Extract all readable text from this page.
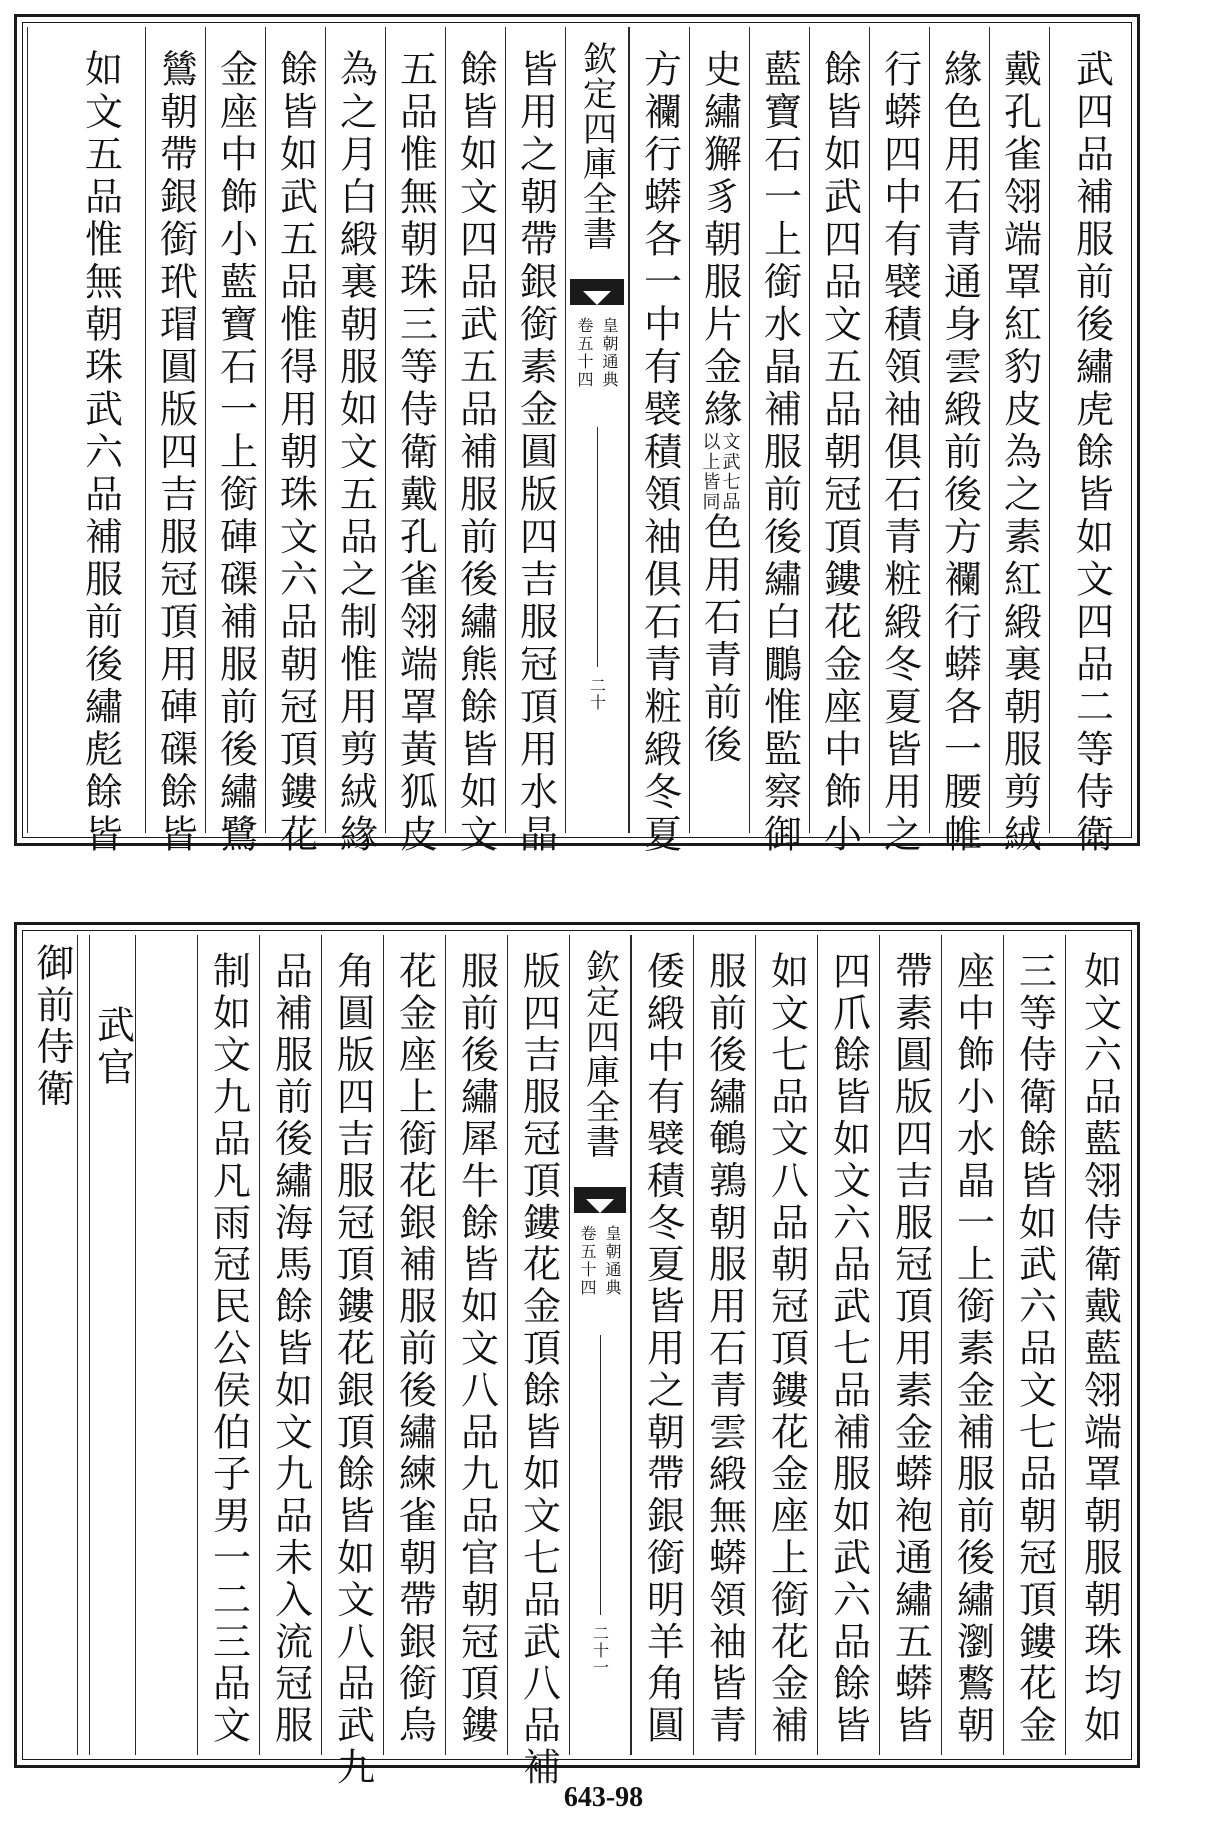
武四品補服前後繡虎餘皆如文四品二等侍衛
戴孔雀翎端罩紅豹皮為之素紅緞裏朝服剪絨
緣色用石青通身雲緞前後方襴行蟒各一腰帷
行蟒四中有襞積領袖俱石青粧緞冬夏皆用之
餘皆如武四品文五品朝冠頂鏤花金座中飾小
藍寶石一上銜水晶補服前後繡白鷳惟監察御
史繡獬豸朝服片金緣
文武七品
以上皆同
色用石青前後
方襴行蟒各一中有襞積領袖俱石青粧緞冬夏
欽定四庫全書
皇朝通典
卷五十四
二十
皆用之朝帶銀銜素金圓版四吉服冠頂用水晶
餘皆如文四品武五品補服前後繡熊餘皆如文
五品惟無朝珠三等侍衛戴孔雀翎端罩黃狐皮
為之月白緞裏朝服如文五品之制惟用剪絨緣
餘皆如武五品惟得用朝珠文六品朝冠頂鏤花
金座中飾小藍寶石一上銜硨磲補服前後繡鷺
鷥朝帶銀銜玳瑁圓版四吉服冠頂用硨磲餘皆
如文五品惟無朝珠武六品補服前後繡彪餘皆
如文六品藍翎侍衛戴藍翎端罩朝服朝珠均如
三等侍衛餘皆如武六品文七品朝冠頂鏤花金
座中飾小水晶一上銜素金補服前後繡瀏鷘朝
帶素圓版四吉服冠頂用素金蟒袍通繡五蟒皆
四爪餘皆如文六品武七品補服如武六品餘皆
如文七品文八品朝冠頂鏤花金座上銜花金補
服前後繡鵪鶉朝服用石青雲緞無蟒領袖皆青
倭緞中有襞積冬夏皆用之朝帶銀銜明羊角圓
欽定四庫全書
皇朝通典
卷五十四
二十一
版四吉服冠頂鏤花金頂餘皆如文七品武八品補
服前後繡犀牛餘皆如文八品九品官朝冠頂鏤
花金座上銜花銀補服前後繡練雀朝帶銀銜烏
角圓版四吉服冠頂鏤花銀頂餘皆如文八品武九
品補服前後繡海馬餘皆如文九品未入流冠服
制如文九品凡雨冠民公侯伯子男一二三品文
武官
御前侍衛
643-98
